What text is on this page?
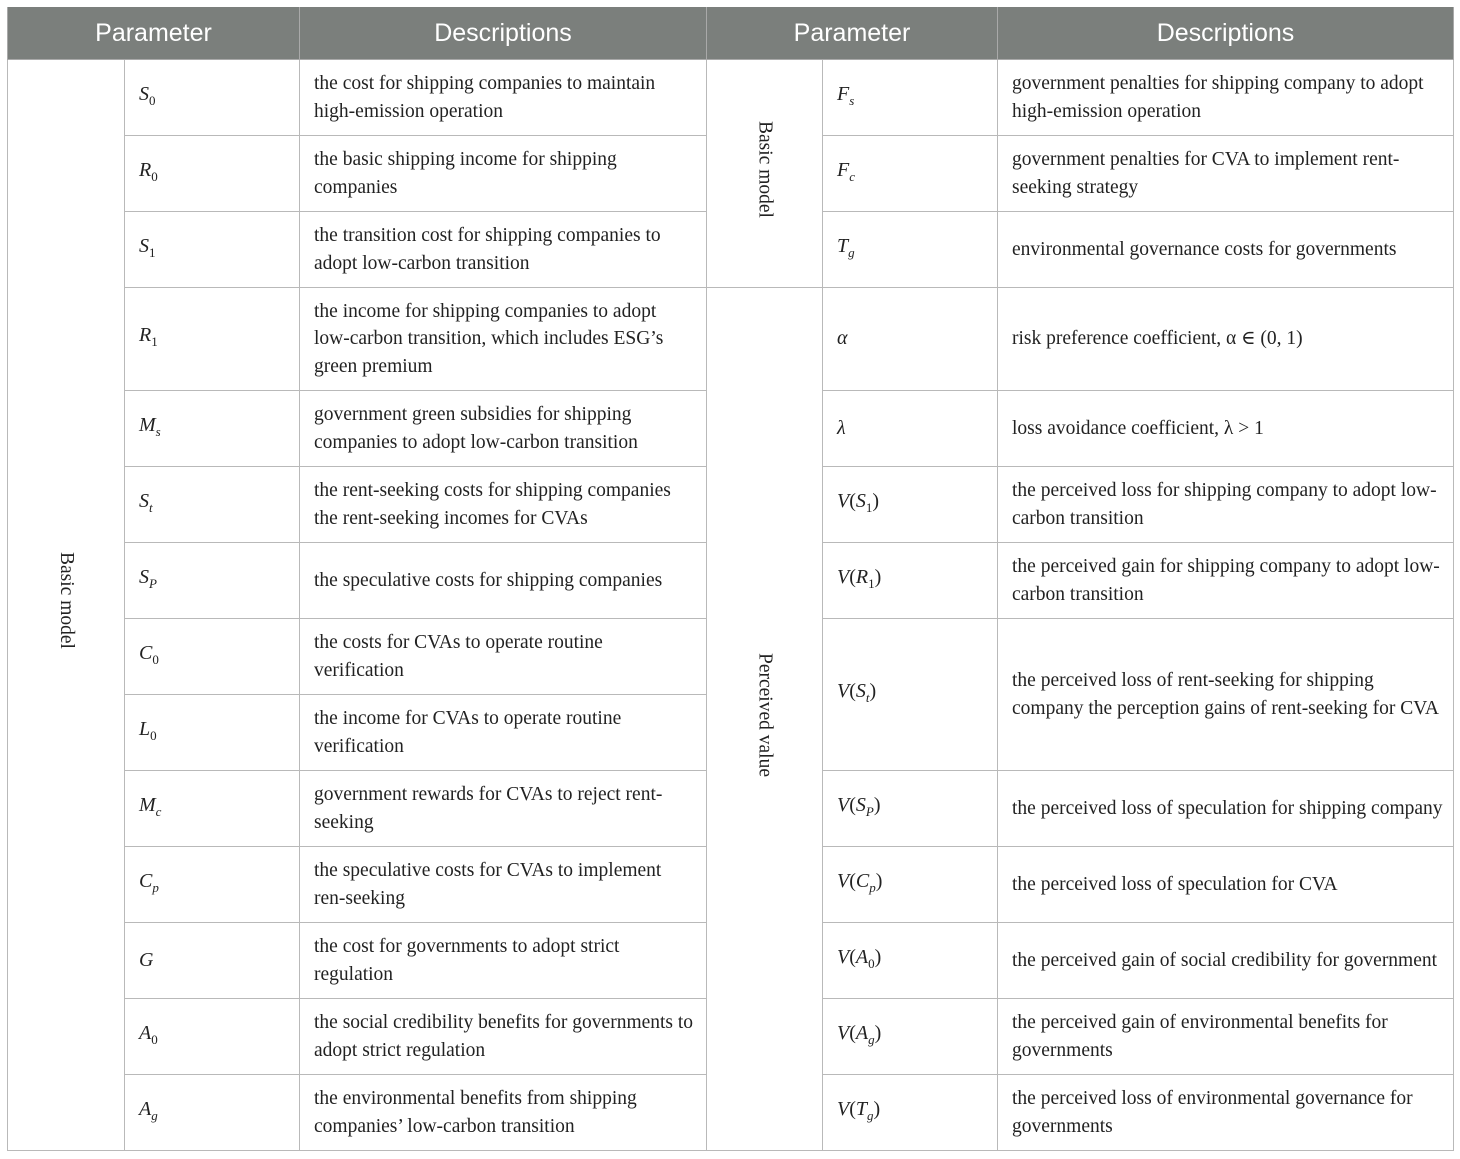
Parameter		Descriptions	Parameter		Descriptions
Basic model	$S_0$	the cost for shipping companies to maintain high-emission operation	Basic model	$F_s$	government penalties for shipping company to adopt high-emission operation
	$R_0$	the basic shipping income for shipping companies		$F_c$	government penalties for CVA to implement rent-seeking strategy
	$S_1$	the transition cost for shipping companies to adopt low-carbon transition		$T_g$	environmental governance costs for governments
	$R_1$	the income for shipping companies to adopt low-carbon transition, which includes ESG’s green premium	Perceived value	α	risk preference coefficient, α ∈ (0, 1)
	$M_s$	government green subsidies for shipping companies to adopt low-carbon transition		λ	loss avoidance coefficient, λ > 1
	$S_t$	the rent-seeking costs for shipping companies the rent-seeking incomes for CVAs		$V(S_1)$	the perceived loss for shipping company to adopt low- carbon transition
	$S_P$	the speculative costs for shipping companies		$V(R_1)$	the perceived gain for shipping company to adopt low- carbon transition
	$C_0$	the costs for CVAs to operate routine verification		$V(S_t)$	the perceived loss of rent-seeking for shipping company the perception gains of rent-seeking for CVA
	$L_0$	the income for CVAs to operate routine verification			
	$M_c$	government rewards for CVAs to reject rent-seeking		$V(S_P)$	the perceived loss of speculation for shipping company
	$C_p$	the speculative costs for CVAs to implement ren-seeking		$V(C_p)$	the perceived loss of speculation for CVA
	G	the cost for governments to adopt strict regulation		$V(A_0)$	the perceived gain of social credibility for government
	$A_0$	the social credibility benefits for governments to adopt strict regulation		$V(A_g)$	the perceived gain of environmental benefits for governments
	$A_g$	the environmental benefits from shipping companies’ low-carbon transition		$V(T_g)$	the perceived loss of environmental governance for governments
